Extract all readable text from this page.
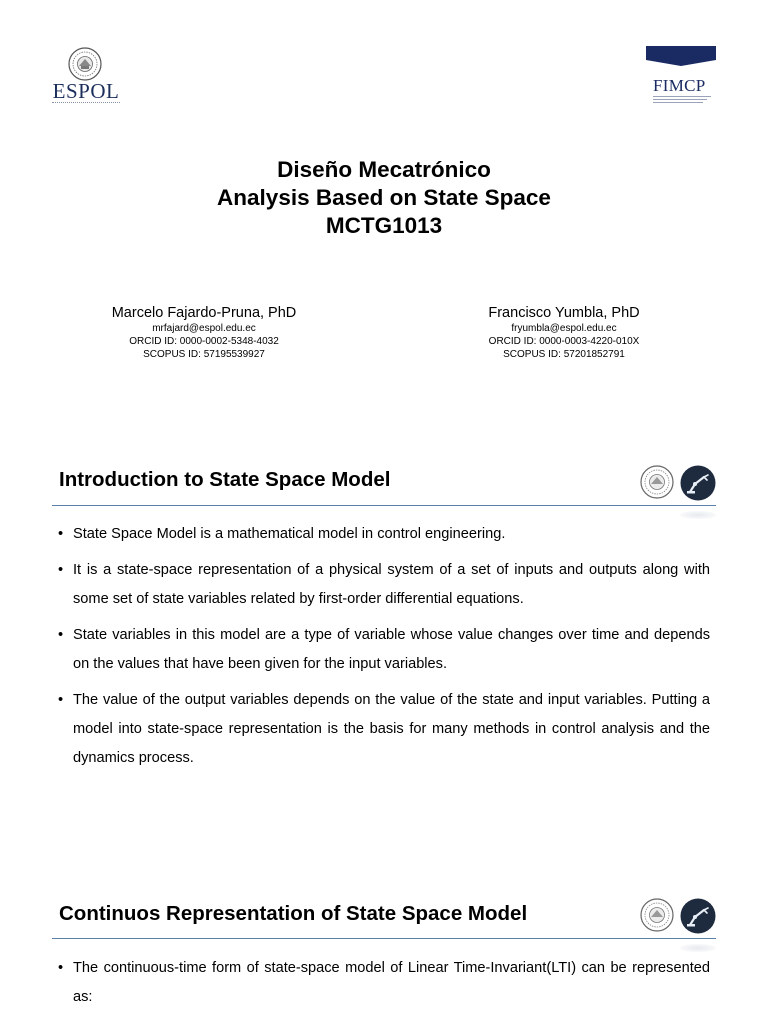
ESPOL	FIMCP
Diseño Mecatrónico
Analysis Based on State Space
MCTG1013
Marcelo Fajardo-Pruna, PhD
mrfajard@espol.edu.ec
ORCID ID: 0000-0002-5348-4032
SCOPUS ID: 57195539927
Francisco Yumbla, PhD
fryumbla@espol.edu.ec
ORCID ID: 0000-0003-4220-010X
SCOPUS ID: 57201852791
Introduction to State Space Model
• State Space Model is a mathematical model in control engineering.
• It is a state-space representation of a physical system of a set of inputs and outputs along with some set of state variables related by first-order differential equations.
• State variables in this model are a type of variable whose value changes over time and depends on the values that have been given for the input variables.
• The value of the output variables depends on the value of the state and input variables. Putting a model into state-space representation is the basis for many methods in control analysis and the dynamics process.
Continuos Representation of State Space Model
• The continuous-time form of state-space model of Linear Time-Invariant(LTI) can be represented as:
